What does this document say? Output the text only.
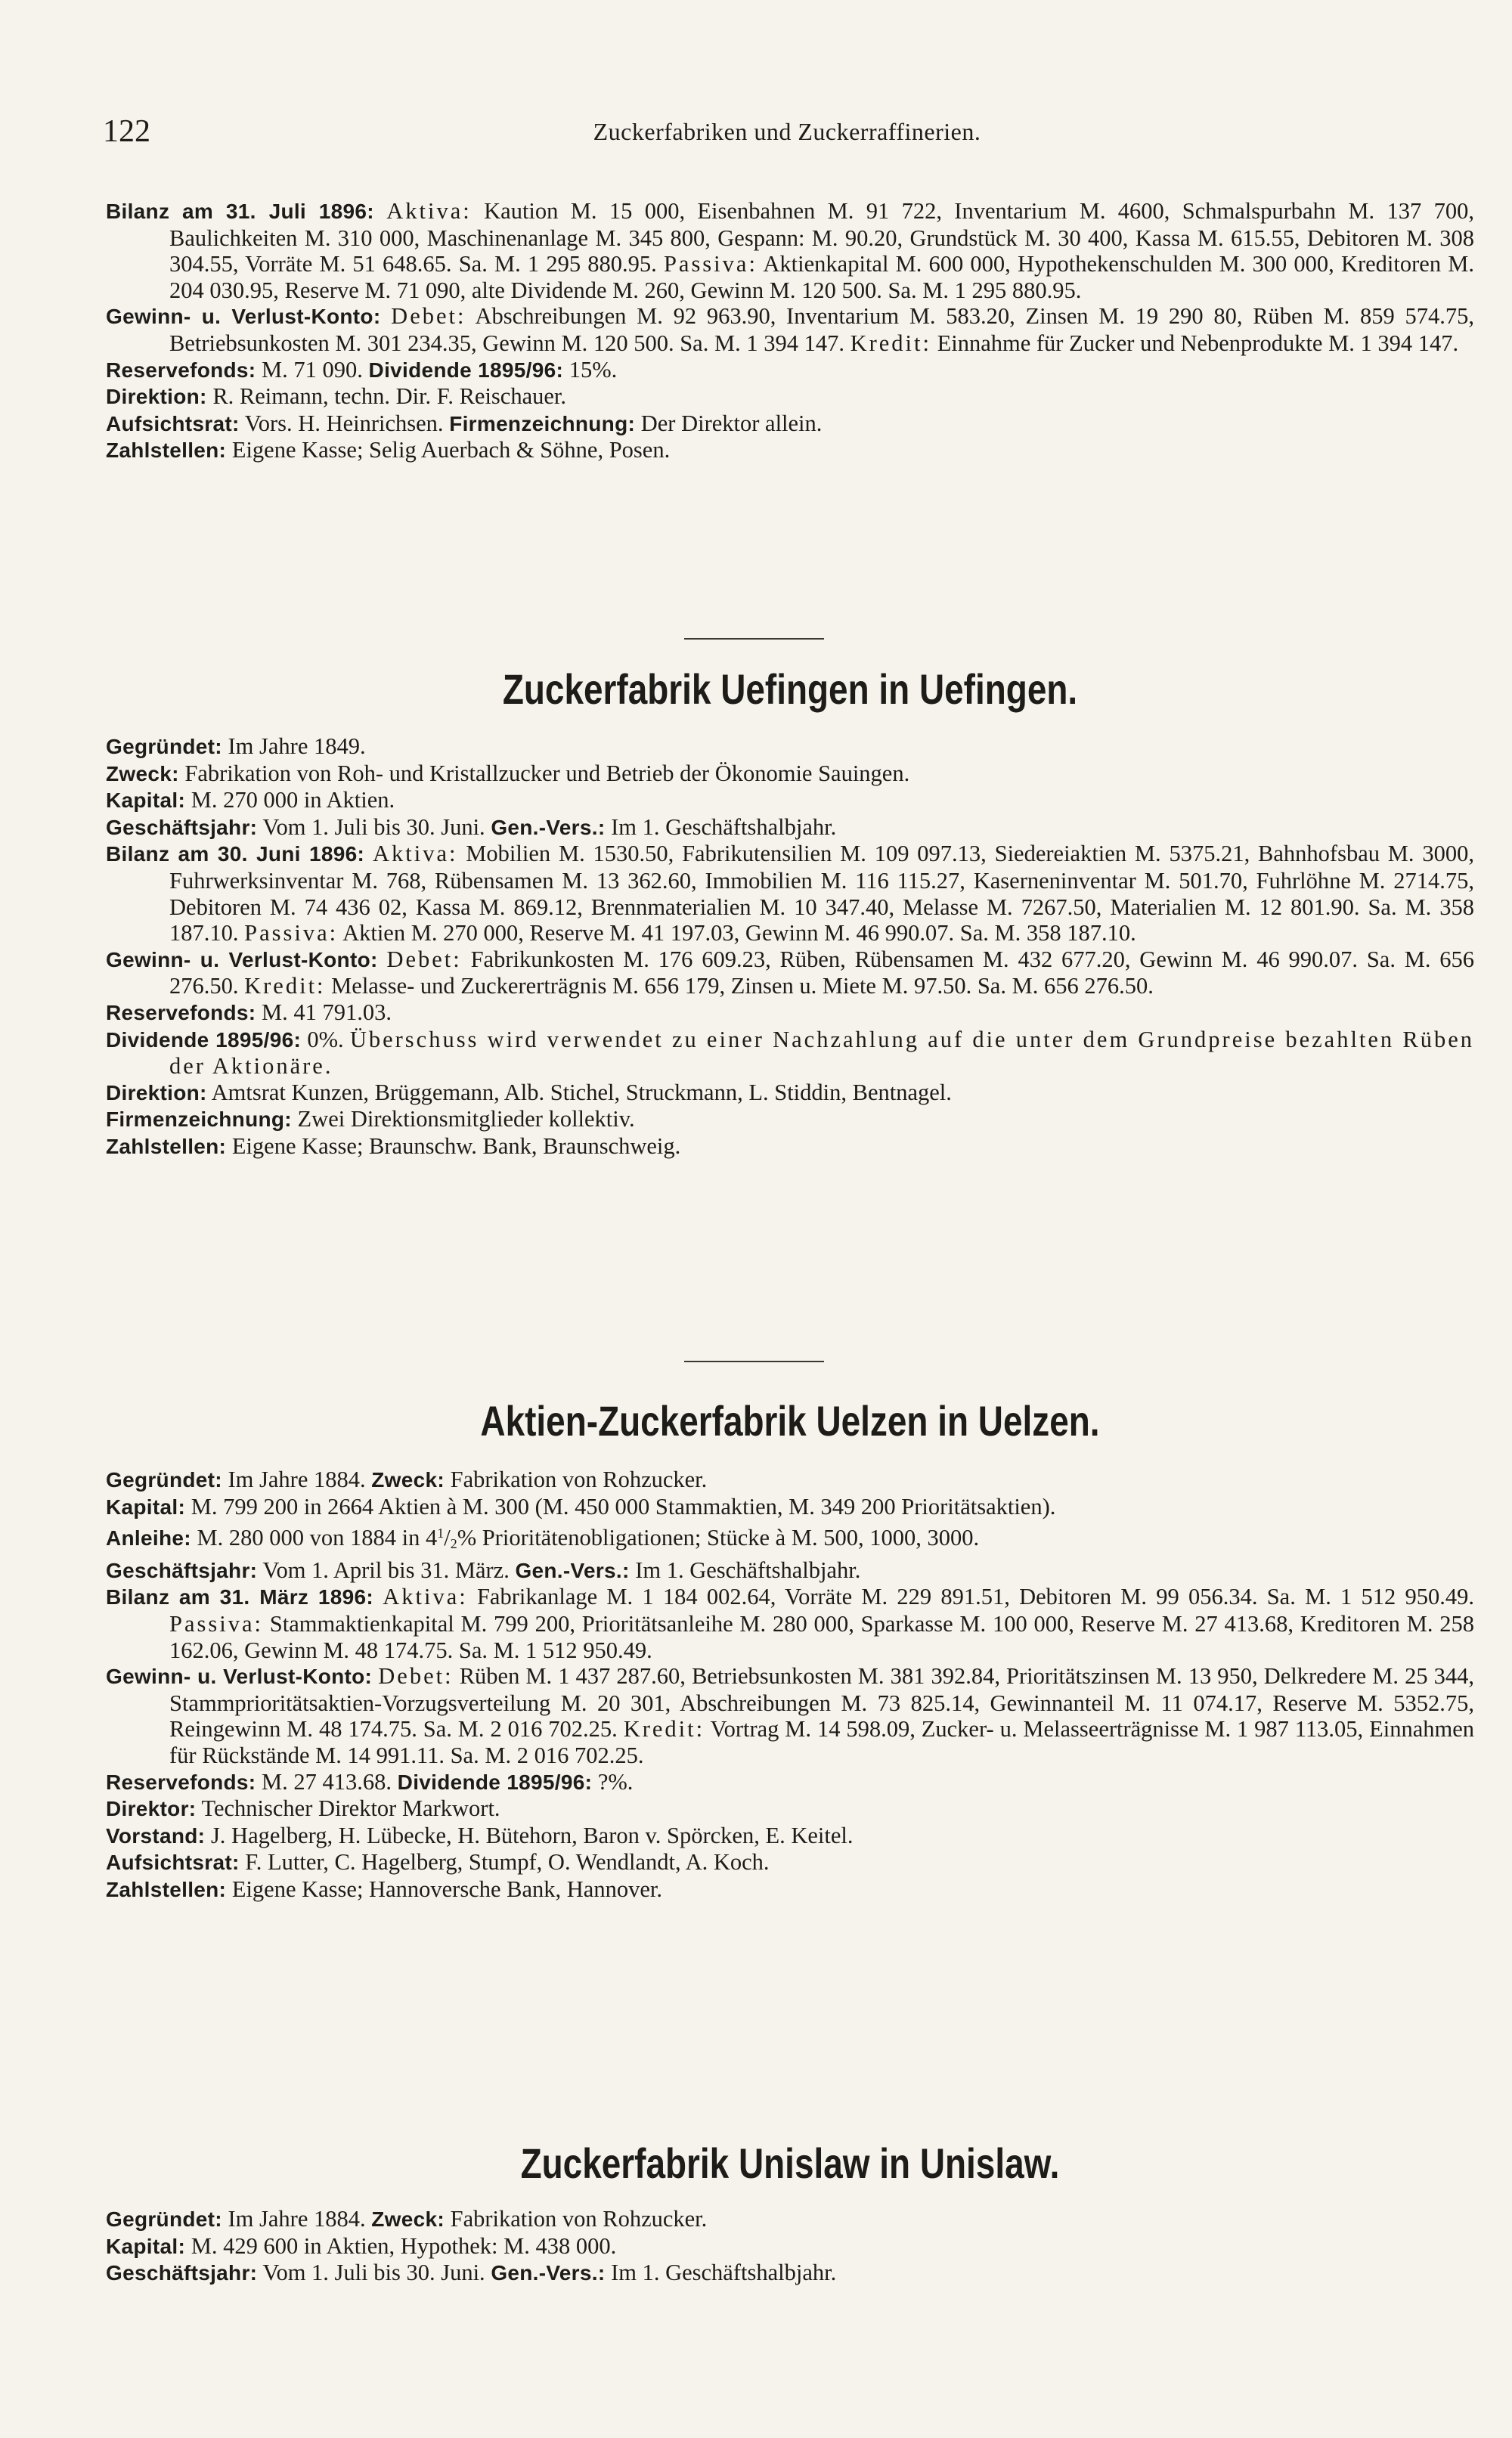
122	Zuckerfabriken und Zuckerraffinerien.

Bilanz am 31. Juli 1896: Aktiva: Kaution M. 15 000, Eisenbahnen M. 91 722, Inventarium M. 4600, Schmalspurbahn M. 137 700, Baulichkeiten M. 310 000, Maschinenanlage M. 345 800, Gespann: M. 90.20, Grundstück M. 30 400, Kassa M. 615.55, Debitoren M. 308 304.55, Vorräte M. 51 648.65. Sa. M. 1 295 880.95. Passiva: Aktienkapital M. 600 000, Hypothekenschulden M. 300 000, Kreditoren M. 204 030.95, Reserve M. 71 090, alte Dividende M. 260, Gewinn M. 120 500. Sa. M. 1 295 880.95.

Gewinn- u. Verlust-Konto: Debet: Abschreibungen M. 92 963.90, Inventarium M. 583.20, Zinsen M. 19 290 80, Rüben M. 859 574.75, Betriebsunkosten M. 301 234.35, Gewinn M. 120 500. Sa. M. 1 394 147. Kredit: Einnahme für Zucker und Nebenprodukte M. 1 394 147.

Reservefonds: M. 71 090. Dividende 1895/96: 15%.

Direktion: R. Reimann, techn. Dir. F. Reischauer.

Aufsichtsrat: Vors. H. Heinrichsen. Firmenzeichnung: Der Direktor allein.

Zahlstellen: Eigene Kasse; Selig Auerbach & Söhne, Posen.

Zuckerfabrik Uefingen in Uefingen.

Gegründet: Im Jahre 1849.

Zweck: Fabrikation von Roh- und Kristallzucker und Betrieb der Ökonomie Sauingen.

Kapital: M. 270 000 in Aktien.

Geschäftsjahr: Vom 1. Juli bis 30. Juni. Gen.-Vers.: Im 1. Geschäftshalbjahr.

Bilanz am 30. Juni 1896: Aktiva: Mobilien M. 1530.50, Fabrikutensilien M. 109 097.13, Siedereiaktien M. 5375.21, Bahnhofsbau M. 3000, Fuhrwerksinventar M. 768, Rübensamen M. 13 362.60, Immobilien M. 116 115.27, Kaserneninventar M. 501.70, Fuhrlöhne M. 2714.75, Debitoren M. 74 436 02, Kassa M. 869.12, Brennmaterialien M. 10 347.40, Melasse M. 7267.50, Materialien M. 12 801.90. Sa. M. 358 187.10. Passiva: Aktien M. 270 000, Reserve M. 41 197.03, Gewinn M. 46 990.07. Sa. M. 358 187.10.

Gewinn- u. Verlust-Konto: Debet: Fabrikunkosten M. 176 609.23, Rüben, Rübensamen M. 432 677.20, Gewinn M. 46 990.07. Sa. M. 656 276.50. Kredit: Melasse- und Zuckererträgnis M. 656 179, Zinsen u. Miete M. 97.50. Sa. M. 656 276.50.

Reservefonds: M. 41 791.03.

Dividende 1895/96: 0%. Überschuss wird verwendet zu einer Nachzahlung auf die unter dem Grundpreise bezahlten Rüben der Aktionäre.

Direktion: Amtsrat Kunzen, Brüggemann, Alb. Stichel, Struckmann, L. Stiddin, Bentnagel.

Firmenzeichnung: Zwei Direktionsmitglieder kollektiv.

Zahlstellen: Eigene Kasse; Braunschw. Bank, Braunschweig.

Aktien-Zuckerfabrik Uelzen in Uelzen.

Gegründet: Im Jahre 1884. Zweck: Fabrikation von Rohzucker.

Kapital: M. 799 200 in 2664 Aktien à M. 300 (M. 450 000 Stammaktien, M. 349 200 Prioritätsaktien).

Anleihe: M. 280 000 von 1884 in $4^1/_2\%$ Prioritätenobligationen; Stücke à M. 500, 1000, 3000.

Geschäftsjahr: Vom 1. April bis 31. März. Gen.-Vers.: Im 1. Geschäftshalbjahr.

Bilanz am 31. März 1896: Aktiva: Fabrikanlage M. 1 184 002.64, Vorräte M. 229 891.51, Debitoren M. 99 056.34. Sa. M. 1 512 950.49. Passiva: Stammaktienkapital M. 799 200, Prioritätsanleihe M. 280 000, Sparkasse M. 100 000, Reserve M. 27 413.68, Kreditoren M. 258 162.06, Gewinn M. 48 174.75. Sa. M. 1 512 950.49.

Gewinn- u. Verlust-Konto: Debet: Rüben M. 1 437 287.60, Betriebsunkosten M. 381 392.84, Prioritätszinsen M. 13 950, Delkredere M. 25 344, Stammprioritätsaktien-Vorzugsverteilung M. 20 301, Abschreibungen M. 73 825.14, Gewinnanteil M. 11 074.17, Reserve M. 5352.75, Reingewinn M. 48 174.75. Sa. M. 2 016 702.25. Kredit: Vortrag M. 14 598.09, Zucker- u. Melasseerträgnisse M. 1 987 113.05, Einnahmen für Rückstände M. 14 991.11. Sa. M. 2 016 702.25.

Reservefonds: M. 27 413.68. Dividende 1895/96: ?%.

Direktor: Technischer Direktor Markwort.

Vorstand: J. Hagelberg, H. Lübecke, H. Bütehorn, Baron v. Spörcken, E. Keitel.

Aufsichtsrat: F. Lutter, C. Hagelberg, Stumpf, O. Wendlandt, A. Koch.

Zahlstellen: Eigene Kasse; Hannoversche Bank, Hannover.

Zuckerfabrik Unislaw in Unislaw.

Gegründet: Im Jahre 1884. Zweck: Fabrikation von Rohzucker.

Kapital: M. 429 600 in Aktien, Hypothek: M. 438 000.

Geschäftsjahr: Vom 1. Juli bis 30. Juni. Gen.-Vers.: Im 1. Geschäftshalbjahr.
